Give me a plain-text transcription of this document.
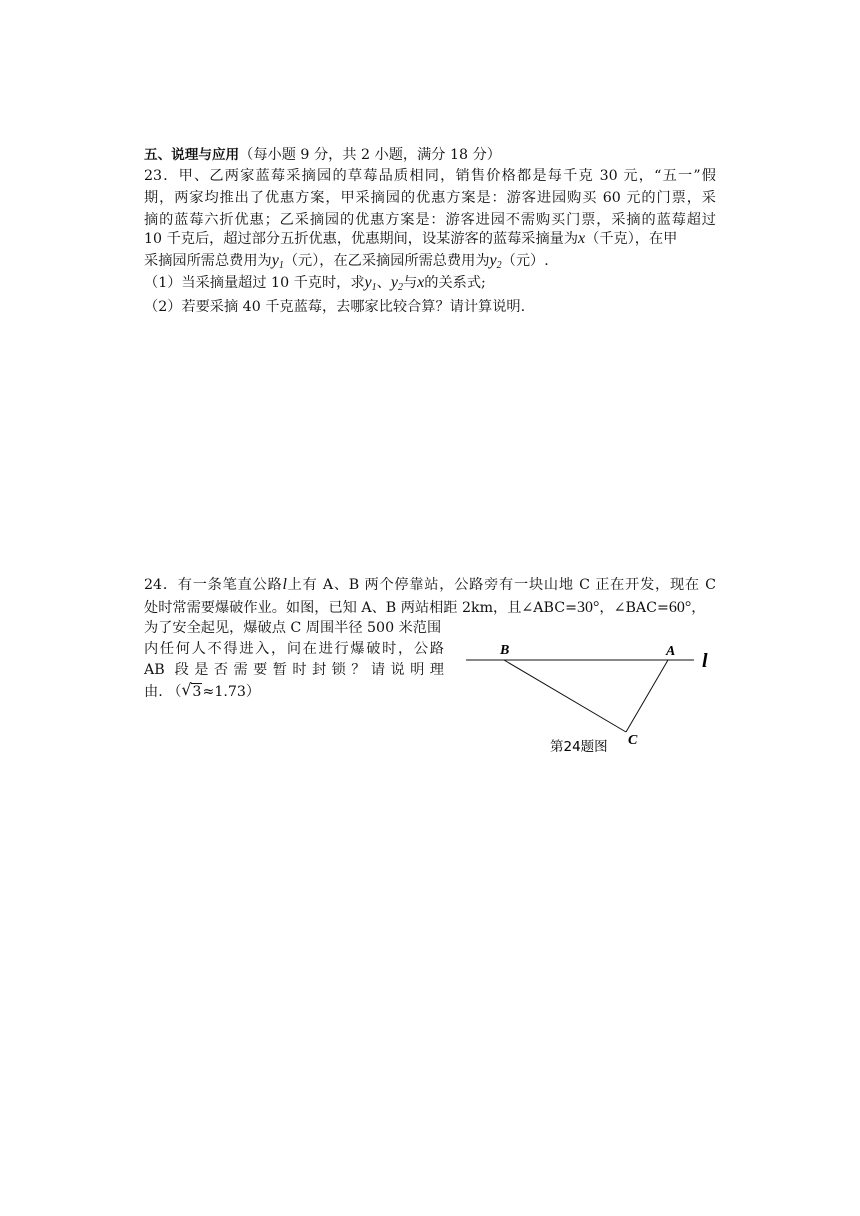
五、说理与应用（每小题 9 分，共 2 小题，满分 18 分）
23．甲、乙两家蓝莓采摘园的草莓品质相同，销售价格都是每千克 30 元，“五一”假
期，两家均推出了优惠方案，甲采摘园的优惠方案是：游客进园购买 60 元的门票，采
摘的蓝莓六折优惠；乙采摘园的优惠方案是：游客进园不需购买门票，采摘的蓝莓超过
10 千克后，超过部分五折优惠，优惠期间，设某游客的蓝莓采摘量为x（千克），在甲
采摘园所需总费用为$y_1$（元），在乙采摘园所需总费用为$y_2$（元）.
（1）当采摘量超过 10 千克时，求$y_1$、$y_2$与x的关系式;
（2）若要采摘 40 千克蓝莓，去哪家比较合算？请计算说明.
24．有一条笔直公路l上有 A、B 两个停靠站，公路旁有一块山地 C 正在开发，现在 C
处时常需要爆破作业。如图，已知 A、B 两站相距 2km，且∠ABC=30°，∠BAC=60°，
为了安全起见，爆破点 C 周围半径 500 米范围
内任何人不得进入，问在进行爆破时，公路
AB 段是否需要暂时封锁？请说明理
由. （ √ 3≈1.73）
B	A
C
l
第24题图
